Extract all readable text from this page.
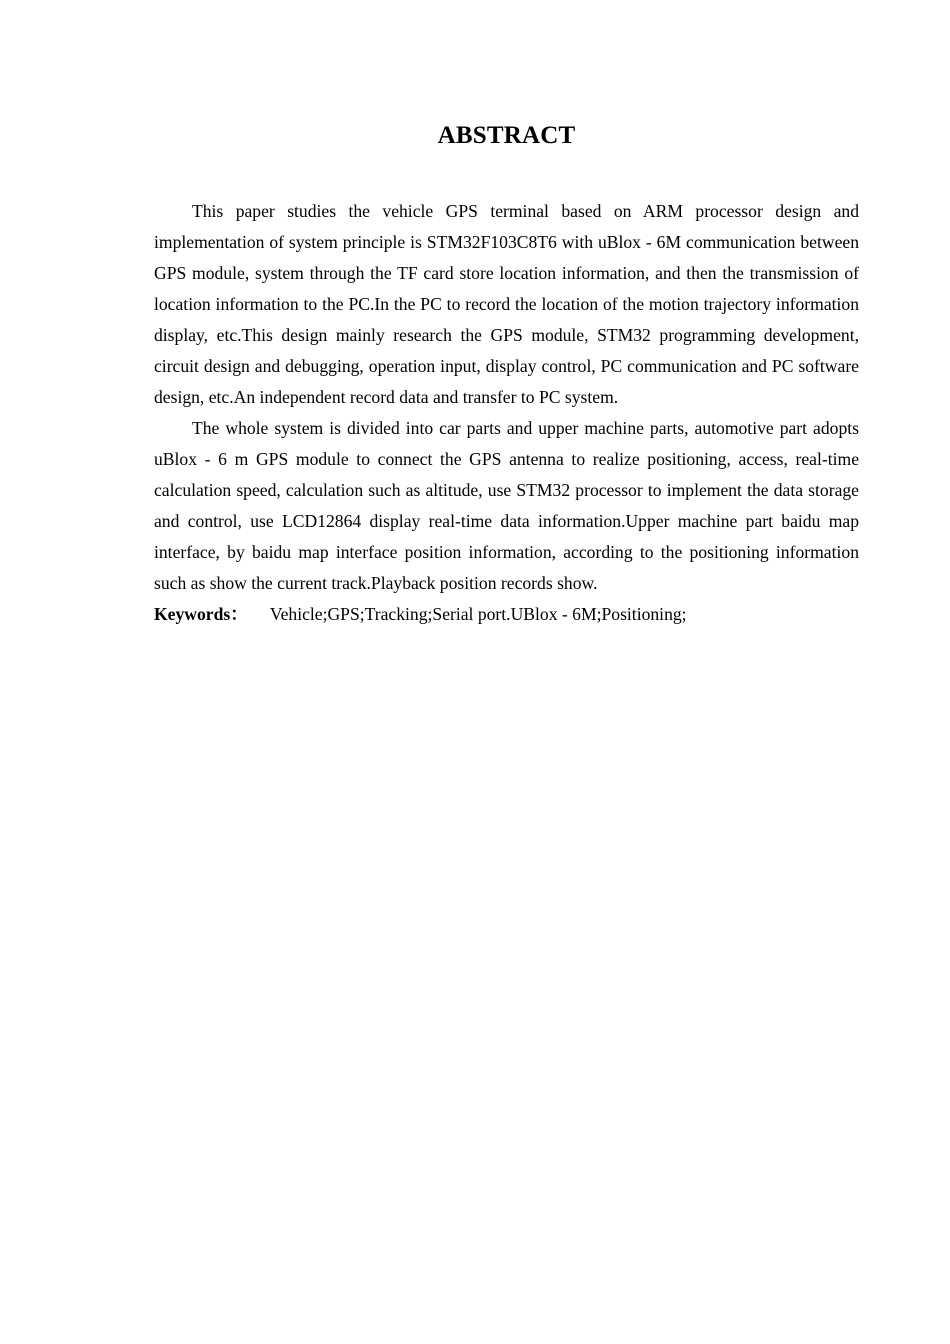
ABSTRACT

This paper studies the vehicle GPS terminal based on ARM processor design and implementation of system principle is STM32F103C8T6 with uBlox - 6M communication between GPS module, system through the TF card store location information, and then the transmission of location information to the PC.In the PC to record the location of the motion trajectory information display, etc.This design mainly research the GPS module, STM32 programming development, circuit design and debugging, operation input, display control, PC communication and PC software design, etc.An independent record data and transfer to PC system.

The whole system is divided into car parts and upper machine parts, automotive part adopts uBlox - 6 m GPS module to connect the GPS antenna to realize positioning, access, real-time calculation speed, calculation such as altitude, use STM32 processor to implement the data storage and control, use LCD12864 display real-time data information.Upper machine part baidu map interface, by baidu map interface position information, according to the positioning information such as show the current track.Playback position records show.

Keywords： Vehicle;GPS;Tracking;Serial port.UBlox - 6M;Positioning;
